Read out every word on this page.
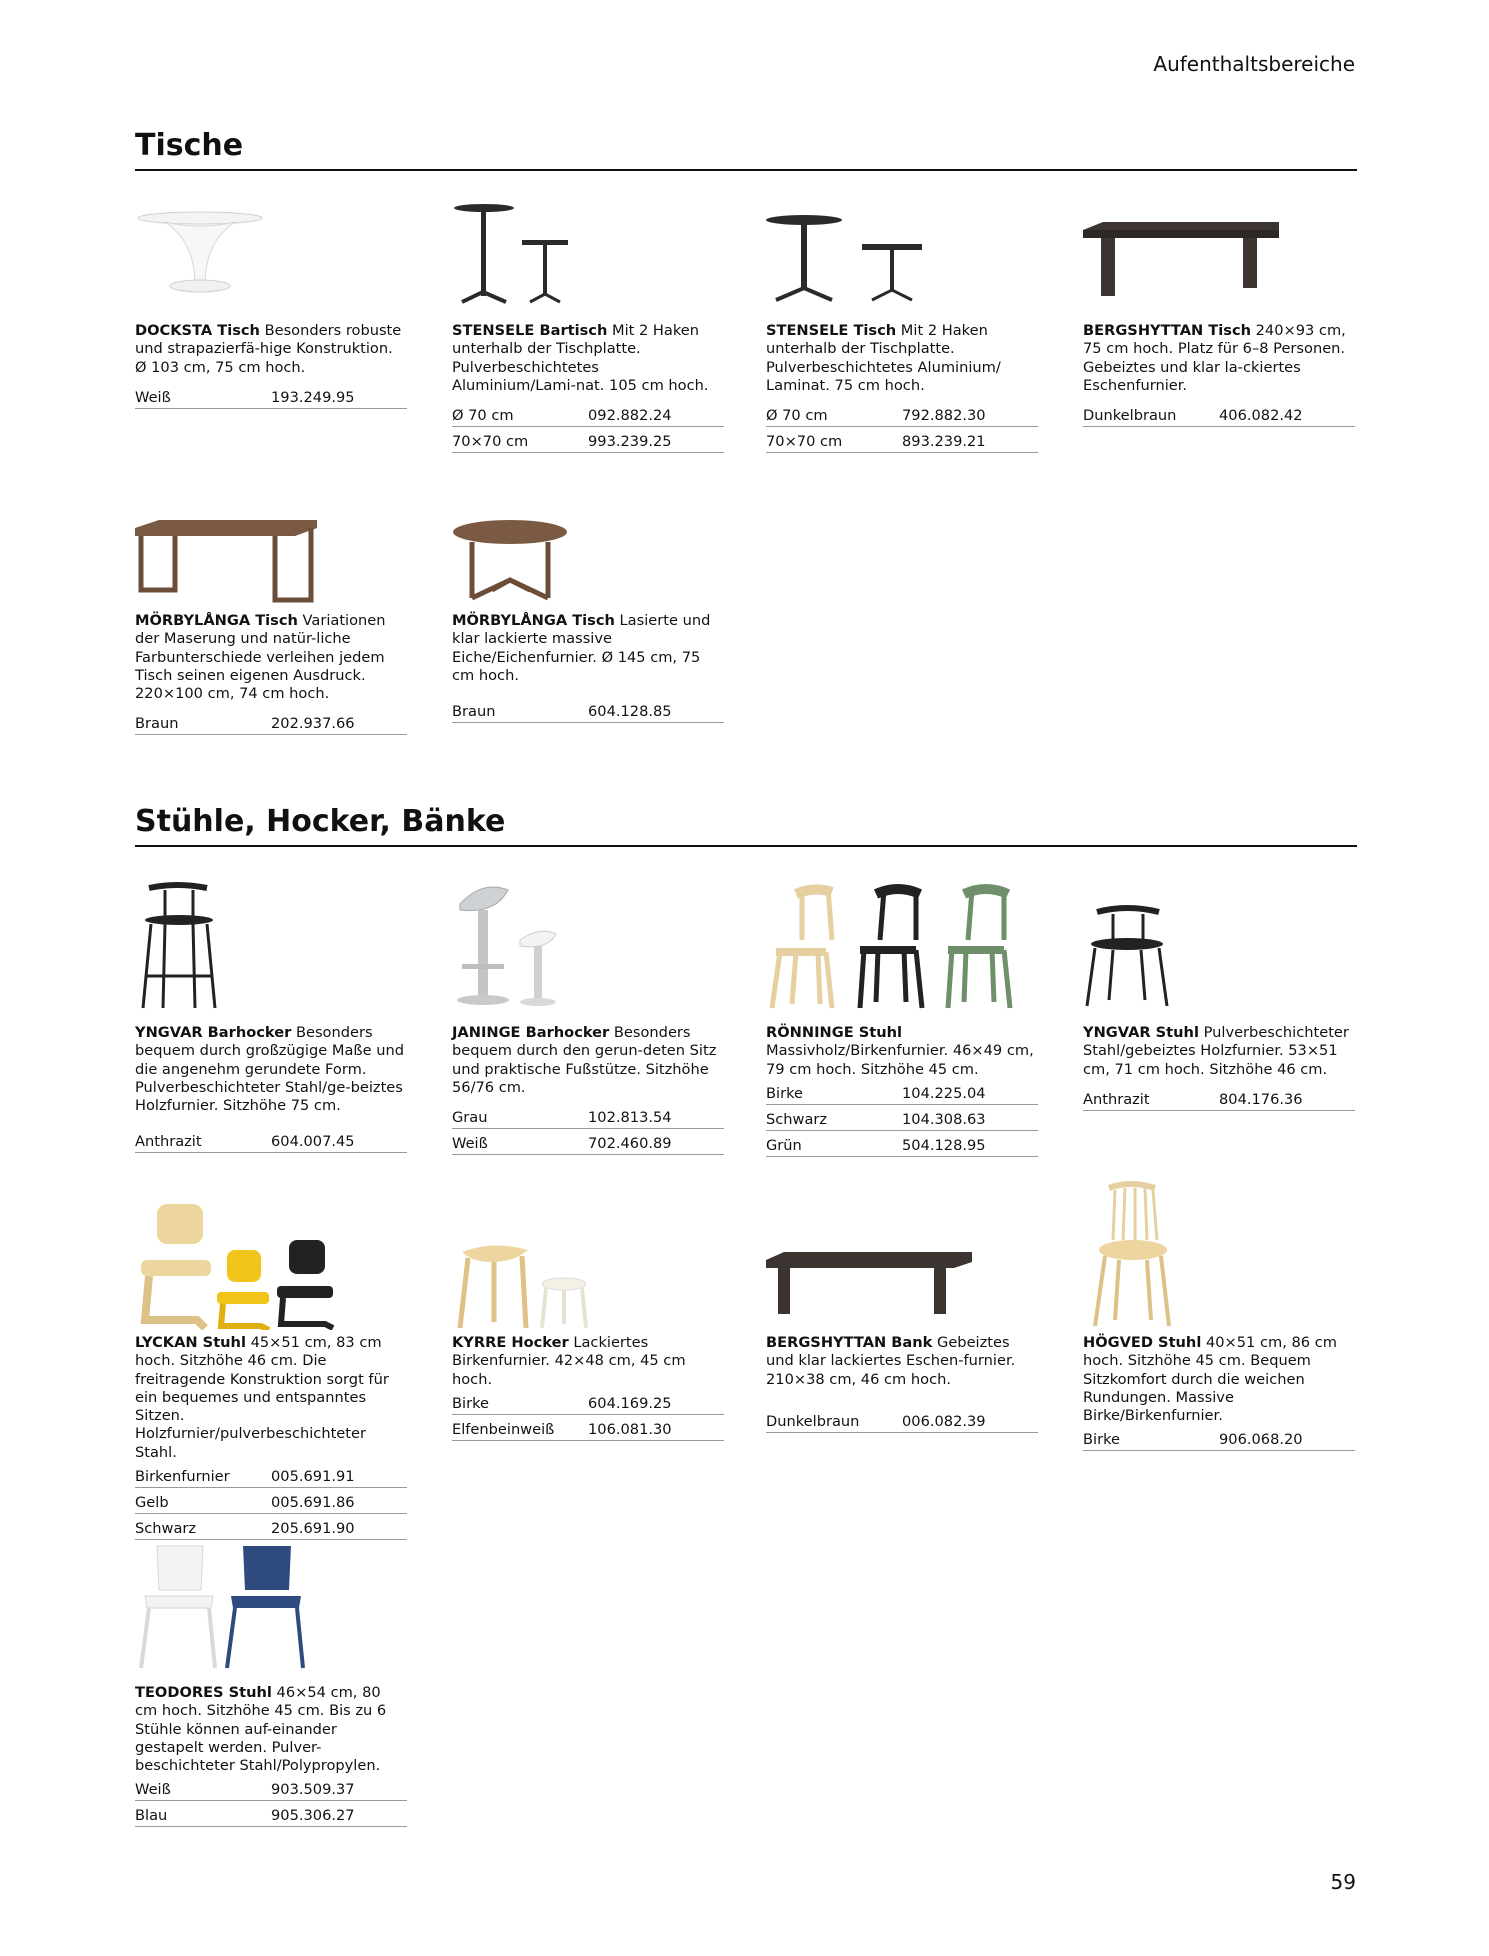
Aufenthaltsbereiche
Tische
DOCKSTA Tisch Besonders robuste und strapazierfä-hige Konstruktion. Ø 103 cm, 75 cm hoch.
Weiß	193.249.95
STENSELE Bartisch Mit 2 Haken unterhalb der Tischplatte. Pulverbeschichtetes Aluminium/Lami-nat. 105 cm hoch.
Ø 70 cm	092.882.24
70×70 cm	993.239.25
STENSELE Tisch Mit 2 Haken unterhalb der Tischplatte. Pulverbeschichtetes Aluminium/ Laminat. 75 cm hoch.
Ø 70 cm	792.882.30
70×70 cm	893.239.21
BERGSHYTTAN Tisch 240×93 cm, 75 cm hoch. Platz für 6–8 Personen. Gebeiztes und klar la-ckiertes Eschenfurnier.
Dunkelbraun	406.082.42
MÖRBYLÅNGA Tisch Variationen der Maserung und natür-liche Farbunterschiede verleihen jedem Tisch seinen eigenen Ausdruck. 220×100 cm, 74 cm hoch.
Braun	202.937.66
MÖRBYLÅNGA Tisch Lasierte und klar lackierte massive Eiche/Eichenfurnier. Ø 145 cm, 75 cm hoch.
Braun	604.128.85
Stühle, Hocker, Bänke
YNGVAR Barhocker Besonders bequem durch großzügige Maße und die angenehm gerundete Form. Pulverbeschichteter Stahl/ge-beiztes Holzfurnier. Sitzhöhe 75 cm.
Anthrazit	604.007.45
JANINGE Barhocker Besonders bequem durch den gerun-deten Sitz und praktische Fußstütze. Sitzhöhe 56/76 cm.
Grau	102.813.54
Weiß	702.460.89
RÖNNINGE Stuhl Massivholz/Birkenfurnier. 46×49 cm, 79 cm hoch. Sitzhöhe 45 cm.
Birke	104.225.04
Schwarz	104.308.63
Grün	504.128.95
YNGVAR Stuhl Pulverbeschichteter Stahl/gebeiztes Holzfurnier. 53×51 cm, 71 cm hoch. Sitzhöhe 46 cm.
Anthrazit	804.176.36
LYCKAN Stuhl 45×51 cm, 83 cm hoch. Sitzhöhe 46 cm. Die freitragende Konstruktion sorgt für ein bequemes und entspanntes Sitzen. Holzfurnier/pulverbeschichteter Stahl.
Birkenfurnier	005.691.91
Gelb	005.691.86
Schwarz	205.691.90
KYRRE Hocker Lackiertes Birkenfurnier. 42×48 cm, 45 cm hoch.
Birke	604.169.25
Elfenbeinweiß	106.081.30
BERGSHYTTAN Bank Gebeiztes und klar lackiertes Eschen-furnier. 210×38 cm, 46 cm hoch.
Dunkelbraun	006.082.39
HÖGVED Stuhl 40×51 cm, 86 cm hoch. Sitzhöhe 45 cm. Bequem Sitzkomfort durch die weichen Rundungen. Massive Birke/Birkenfurnier.
Birke	906.068.20
TEODORES Stuhl 46×54 cm, 80 cm hoch. Sitzhöhe 45 cm. Bis zu 6 Stühle können auf-einander gestapelt werden. Pulver-beschichteter Stahl/Polypropylen.
Weiß	903.509.37
Blau	905.306.27
59
